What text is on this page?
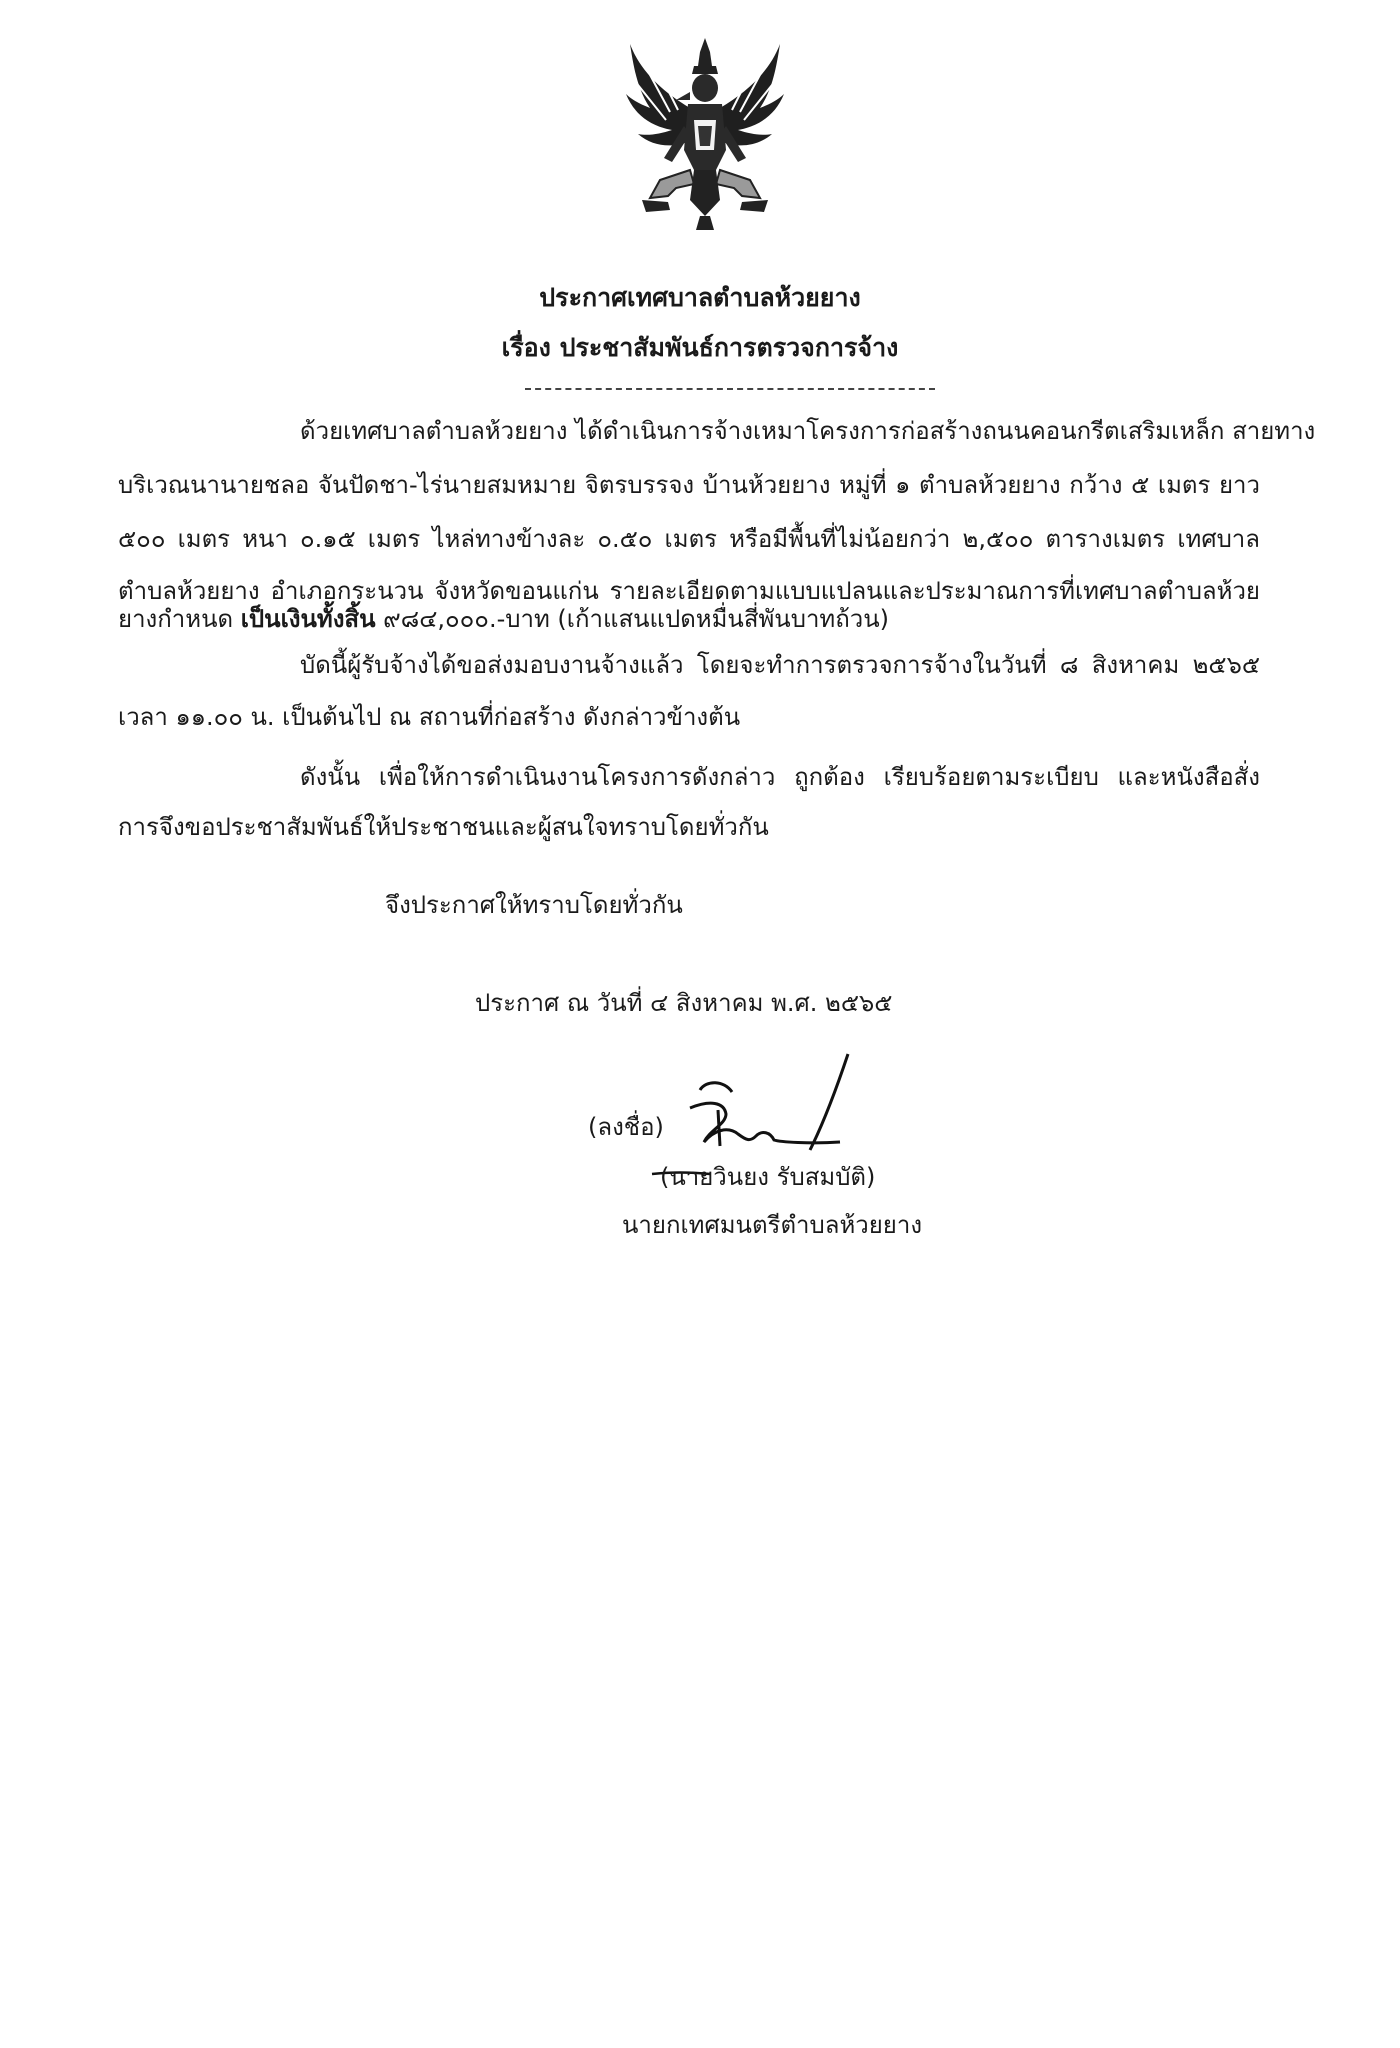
ประกาศเทศบาลตำบลห้วยยาง
เรื่อง ประชาสัมพันธ์การตรวจการจ้าง
ด้วยเทศบาลตำบลห้วยยาง ได้ดำเนินการจ้างเหมาโครงการก่อสร้างถนนคอนกรีตเสริมเหล็ก สายทาง
บริเวณนานายชลอ จันปัดชา-ไร่นายสมหมาย จิตรบรรจง บ้านห้วยยาง หมู่ที่ ๑ ตำบลห้วยยาง กว้าง ๕ เมตร ยาว
๕๐๐ เมตร หนา ๐.๑๕ เมตร ไหล่ทางข้างละ ๐.๕๐ เมตร หรือมีพื้นที่ไม่น้อยกว่า ๒,๕๐๐ ตารางเมตร เทศบาล
ตำบลห้วยยาง อำเภอกระนวน จังหวัดขอนแก่น รายละเอียดตามแบบแปลนและประมาณการที่เทศบาลตำบลห้วย
ยางกำหนด เป็นเงินทั้งสิ้น ๙๘๔,๐๐๐.-บาท (เก้าแสนแปดหมื่นสี่พันบาทถ้วน)
บัดนี้ผู้รับจ้างได้ขอส่งมอบงานจ้างแล้ว โดยจะทำการตรวจการจ้างในวันที่ ๘ สิงหาคม ๒๕๖๕
เวลา ๑๑.๐๐ น. เป็นต้นไป ณ สถานที่ก่อสร้าง ดังกล่าวข้างต้น
ดังนั้น เพื่อให้การดำเนินงานโครงการดังกล่าว ถูกต้อง เรียบร้อยตามระเบียบ และหนังสือสั่ง
การจึงขอประชาสัมพันธ์ให้ประชาชนและผู้สนใจทราบโดยทั่วกัน
จึงประกาศให้ทราบโดยทั่วกัน
ประกาศ ณ วันที่ ๔ สิงหาคม พ.ศ. ๒๕๖๕
(ลงชื่อ)
(นายวินยง รับสมบัติ)
นายกเทศมนตรีตำบลห้วยยาง
